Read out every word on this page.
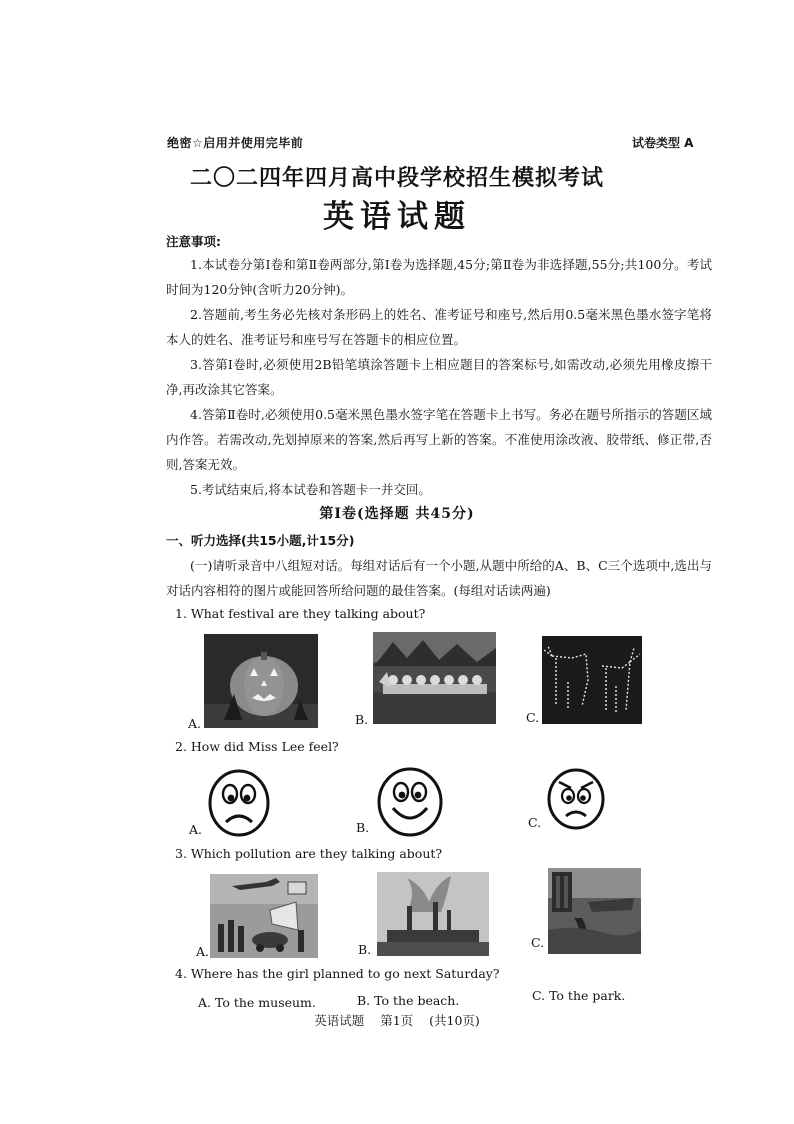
绝密☆启用并使用完毕前	试卷类型 A
二〇二四年四月高中段学校招生模拟考试
英语试题
注意事项:
1.本试卷分第Ⅰ卷和第Ⅱ卷两部分,第Ⅰ卷为选择题,45分;第Ⅱ卷为非选择题,55分;共100分。考试时间为120分钟(含听力20分钟)。
2.答题前,考生务必先核对条形码上的姓名、准考证号和座号,然后用0.5毫米黑色墨水签字笔将本人的姓名、准考证号和座号写在答题卡的相应位置。
3.答第Ⅰ卷时,必须使用2B铅笔填涂答题卡上相应题目的答案标号,如需改动,必须先用橡皮擦干净,再改涂其它答案。
4.答第Ⅱ卷时,必须使用0.5毫米黑色墨水签字笔在答题卡上书写。务必在题号所指示的答题区域内作答。若需改动,先划掉原来的答案,然后再写上新的答案。不准使用涂改液、胶带纸、修正带,否则,答案无效。
5.考试结束后,将本试卷和答题卡一并交回。
第Ⅰ卷(选择题 共45分)
一、听力选择(共15小题,计15分)
(一)请听录音中八组短对话。每组对话后有一个小题,从题中所给的A、B、C三个选项中,选出与对话内容相符的图片或能回答所给问题的最佳答案。(每组对话读两遍)
1. What festival are they talking about?
A.	B.	C.
2. How did Miss Lee feel?
A.	B.	C.
3. Which pollution are they talking about?
A.	B.	C.
4. Where has the girl planned to go next Saturday?
A. To the museum.	B. To the beach.	C. To the park.
英语试题 第1页 (共10页)
